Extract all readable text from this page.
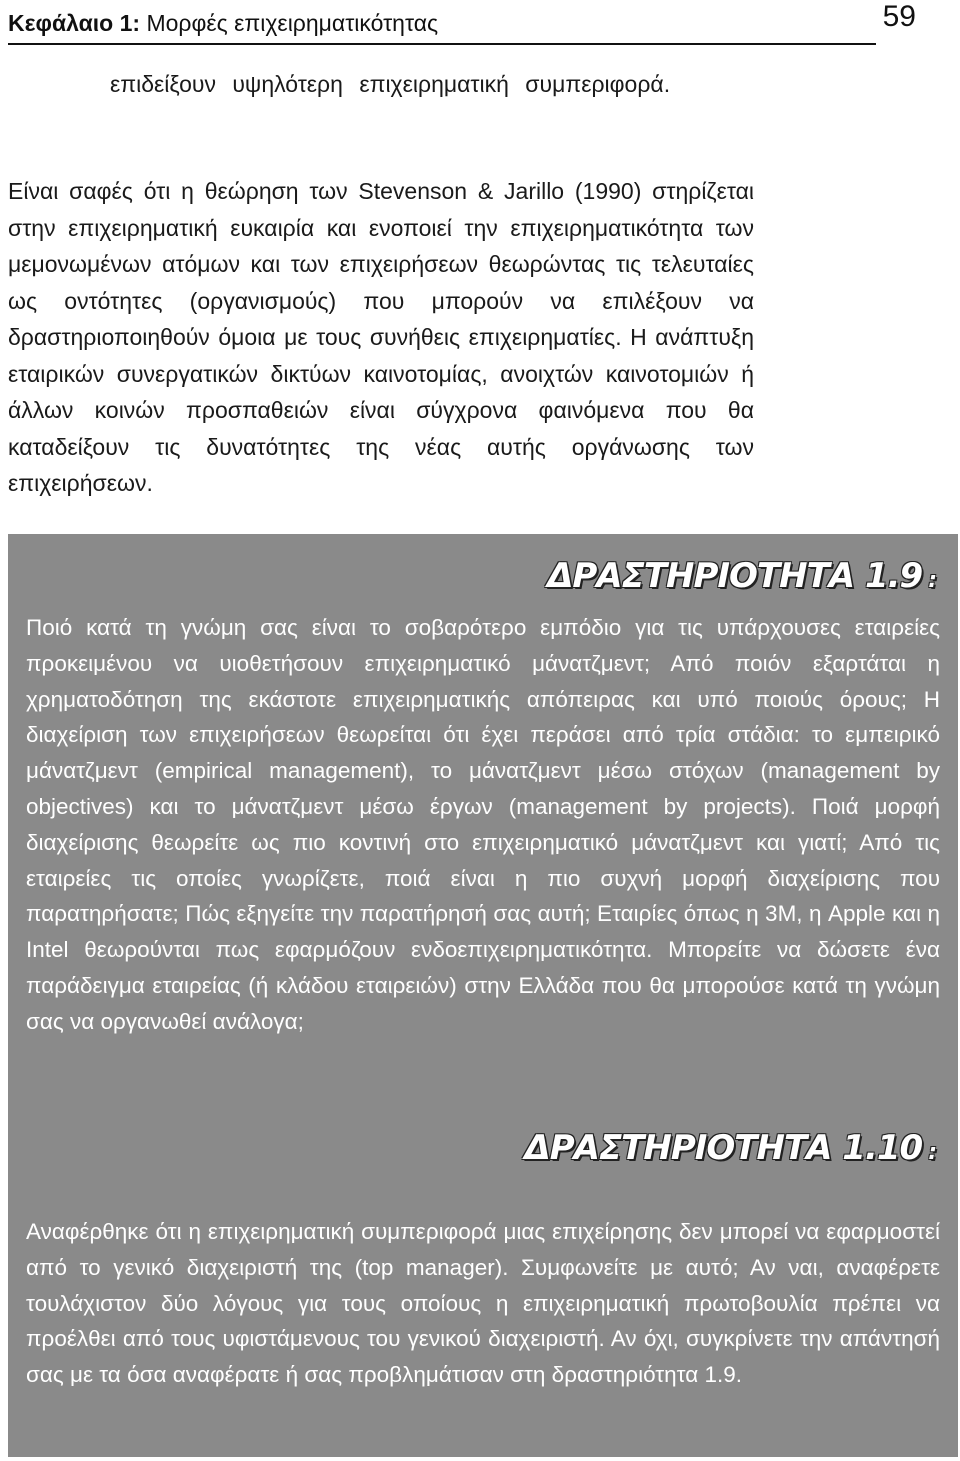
Κεφάλαιο 1: Μορφές επιχειρηματικότητας	59
επιδείξουν υψηλότερη επιχειρηματική συμπεριφορά.
Είναι σαφές ότι η θεώρηση των Stevenson & Jarillo (1990) στηρίζεται στην επιχειρηματική ευκαιρία και ενοποιεί την επιχειρηματικότητα των μεμονωμένων ατόμων και των επιχειρήσεων θεωρώντας τις τελευταίες ως οντότητες (οργανισμούς) που μπορούν να επιλέξουν να δραστηριοποιηθούν όμοια με τους συνήθεις επιχειρηματίες. Η ανάπτυξη εταιρικών συνεργατικών δικτύων καινοτομίας, ανοιχτών καινοτομιών ή άλλων κοινών προσπαθειών είναι σύγχρονα φαινόμενα που θα καταδείξουν τις δυνατότητες της νέας αυτής οργάνωσης των επιχειρήσεων.
ΔΡΑΣΤΗΡΙΟΤΗΤΑ 1.9 :
Ποιό κατά τη γνώμη σας είναι το σοβαρότερο εμπόδιο για τις υπάρχουσες εταιρείες προκειμένου να υιοθετήσουν επιχειρηματικό μάνατζμεντ; Από ποιόν εξαρτάται η χρηματοδότηση της εκάστοτε επιχειρηματικής απόπειρας και υπό ποιούς όρους; Η διαχείριση των επιχειρήσεων θεωρείται ότι έχει περάσει από τρία στάδια: το εμπειρικό μάνατζμεντ (empirical management), το μάνατζμεντ μέσω στόχων (management by objectives) και το μάνατζμεντ μέσω έργων (management by projects). Ποιά μορφή διαχείρισης θεωρείτε ως πιο κοντινή στο επιχειρηματικό μάνατζμεντ και γιατί; Από τις εταιρείες τις οποίες γνωρίζετε, ποιά είναι η πιο συχνή μορφή διαχείρισης που παρατηρήσατε; Πώς εξηγείτε την παρατήρησή σας αυτή; Εταιρίες όπως η 3M, η Apple και η Intel θεωρούνται πως εφαρμόζουν ενδοεπιχειρηματικότητα. Μπορείτε να δώσετε ένα παράδειγμα εταιρείας (ή κλάδου εταιρειών) στην Ελλάδα που θα μπορούσε κατά τη γνώμη σας να οργανωθεί ανάλογα;
ΔΡΑΣΤΗΡΙΟΤΗΤΑ 1.10 :
Αναφέρθηκε ότι η επιχειρηματική συμπεριφορά μιας επιχείρησης δεν μπορεί να εφαρμοστεί από το γενικό διαχειριστή της (top manager). Συμφωνείτε με αυτό; Αν ναι, αναφέρετε τουλάχιστον δύο λόγους για τους οποίους η επιχειρηματική πρωτοβουλία πρέπει να προέλθει από τους υφιστάμενους του γενικού διαχειριστή. Αν όχι, συγκρίνετε την απάντησή σας με τα όσα αναφέρατε ή σας προβλημάτισαν στη δραστηριότητα 1.9.
